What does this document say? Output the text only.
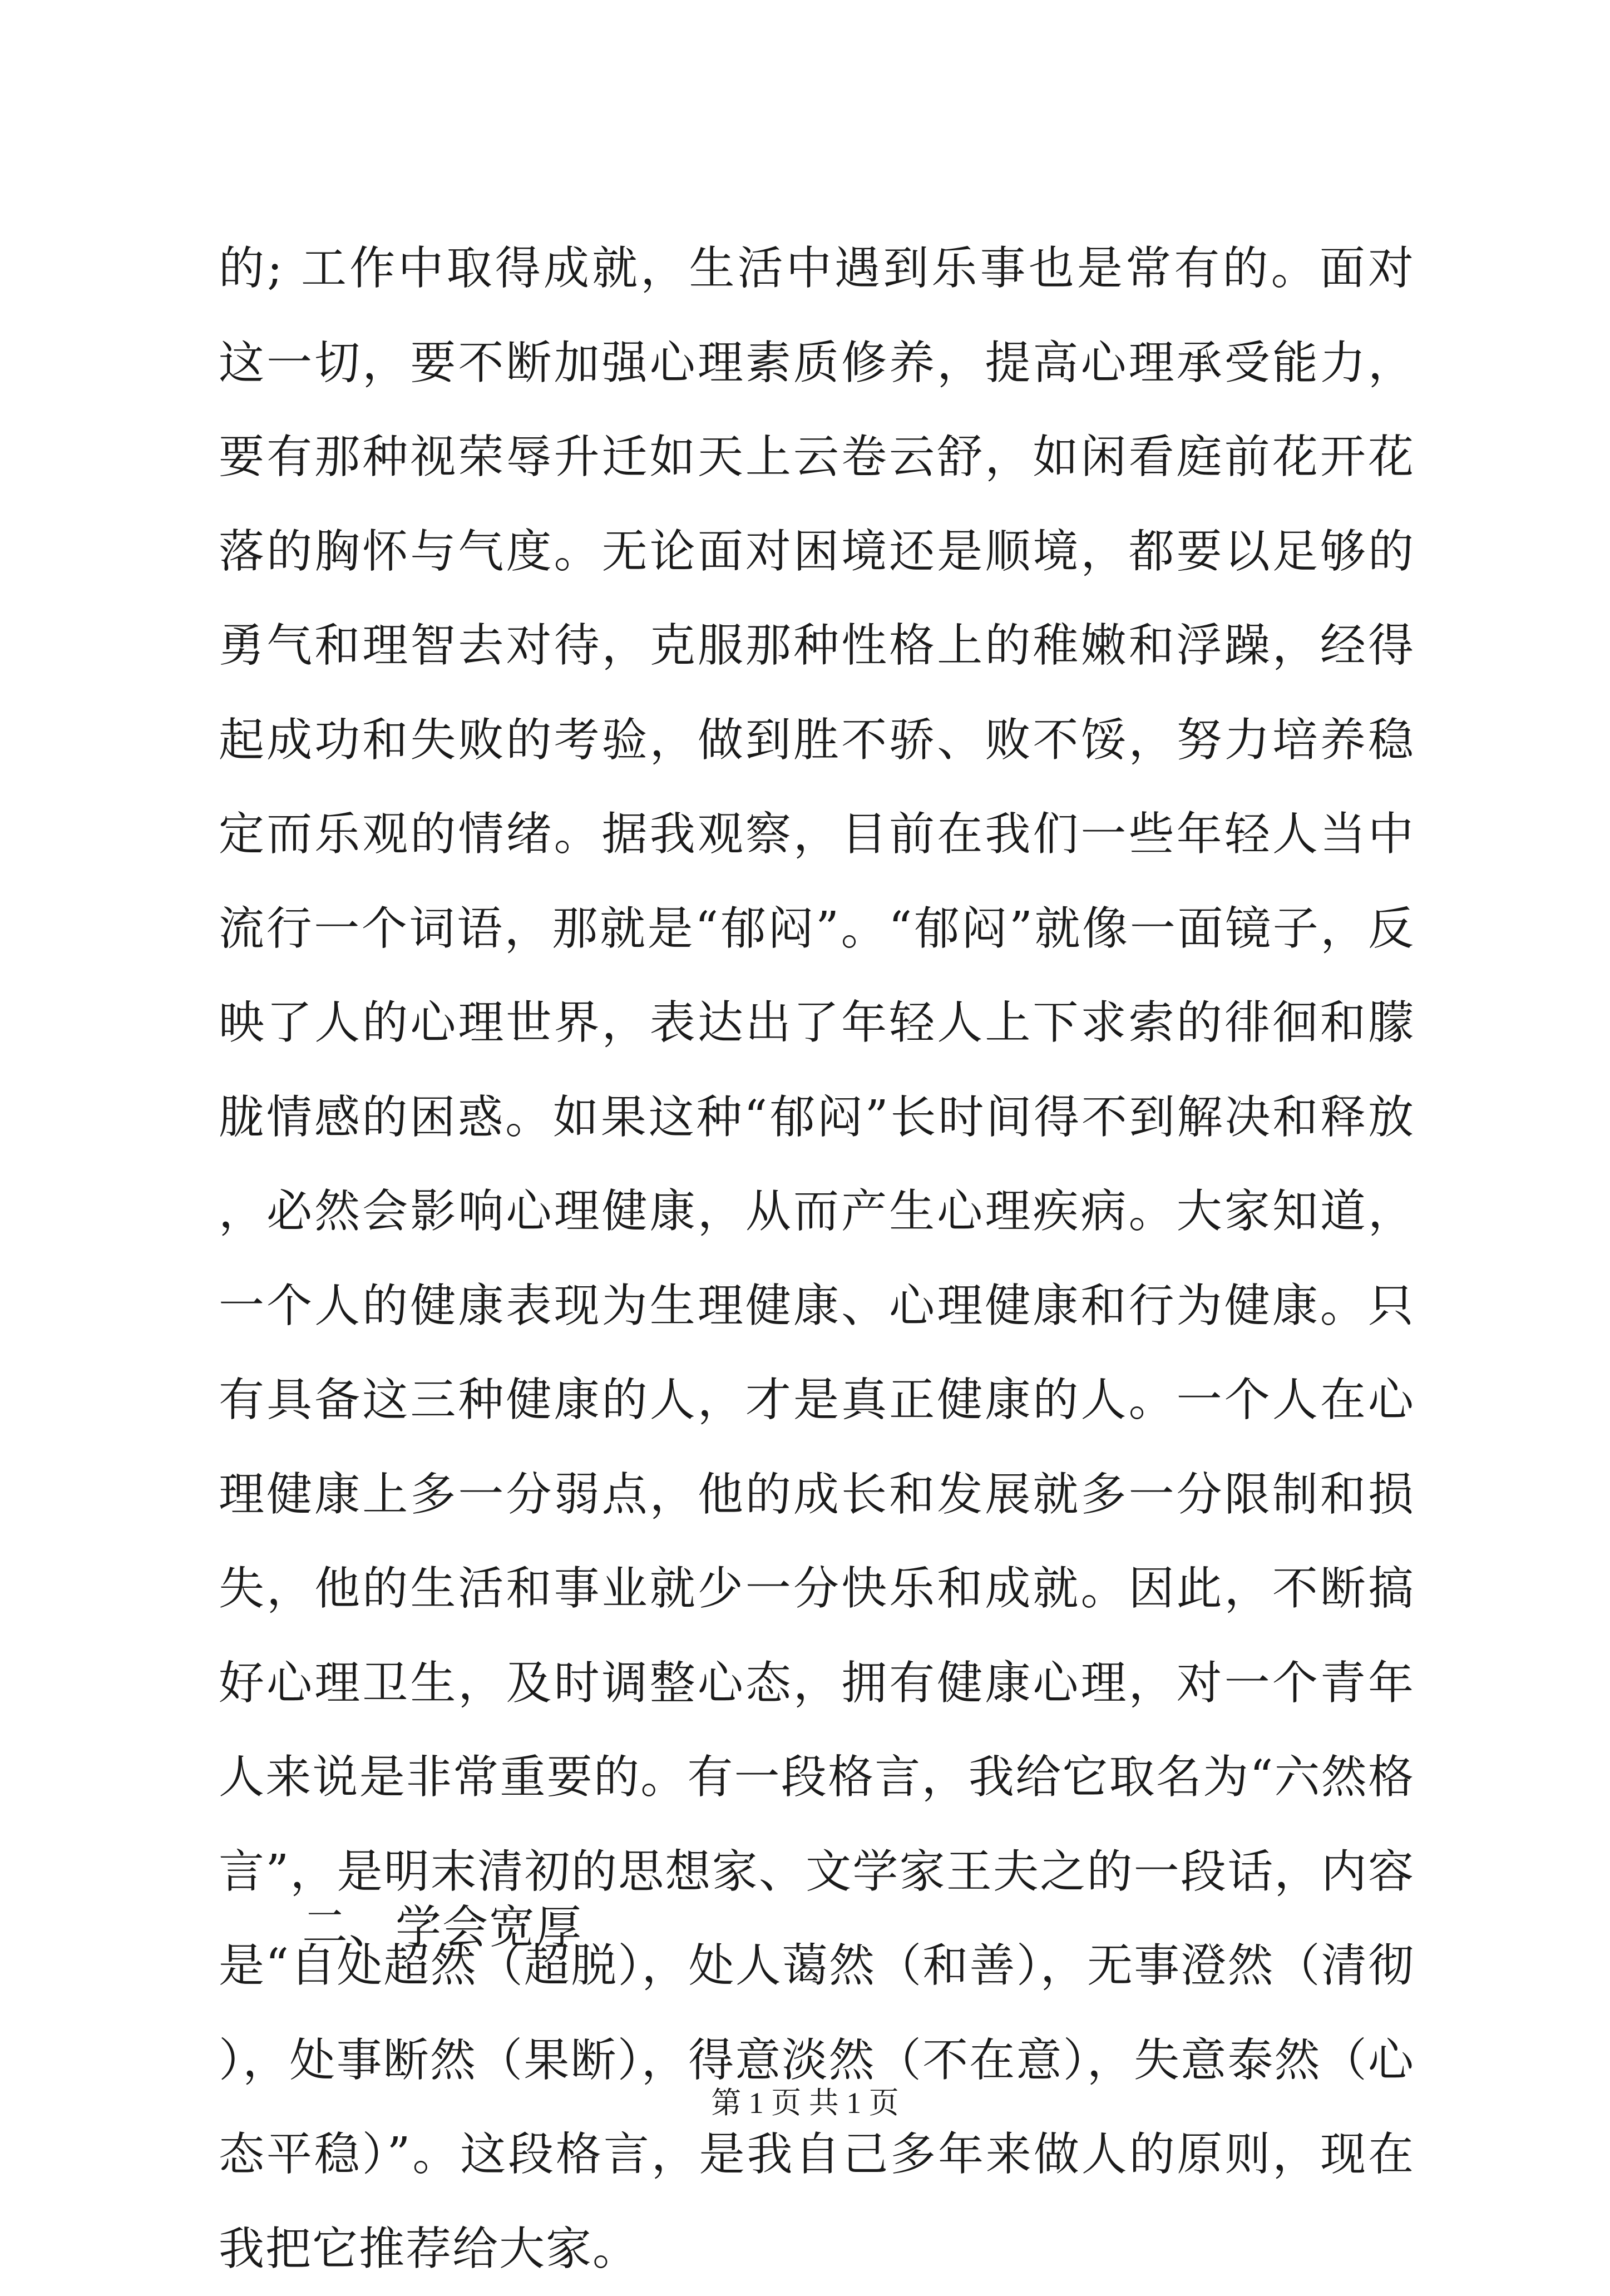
的; 工作中取得成就，生活中遇到乐事也是常有的。面对这一切，要不断加强心理素质修养，提高心理承受能力，要有那种视荣辱升迁如天上云卷云舒，如闲看庭前花开花落的胸怀与气度。无论面对困境还是顺境，都要以足够的勇气和理智去对待，克服那种性格上的稚嫩和浮躁，经得起成功和失败的考验，做到胜不骄、败不馁，努力培养稳定而乐观的情绪。据我观察，目前在我们一些年轻人当中流行一个词语，那就是“郁闷”。“郁闷”就像一面镜子，反映了人的心理世界，表达出了年轻人上下求索的徘徊和朦胧情感的困惑。如果这种“郁闷”长时间得不到解决和释放，必然会影响心理健康，从而产生心理疾病。大家知道，一个人的健康表现为生理健康、心理健康和行为健康。只有具备这三种健康的人，才是真正健康的人。一个人在心理健康上多一分弱点，他的成长和发展就多一分限制和损失，他的生活和事业就少一分快乐和成就。因此，不断搞好心理卫生，及时调整心态，拥有健康心理，对一个青年人来说是非常重要的。有一段格言，我给它取名为“六然格言”，是明末清初的思想家、文学家王夫之的一段话，内容是“自处超然（超脱），处人蔼然（和善），无事澄然（清彻），处事断然（果断），得意淡然（不在意），失意泰然（心态平稳）”。这段格言，是我自己多年来做人的原则，现在我把它推荐给大家。

二、学会宽厚
第 1 页 共 1 页
